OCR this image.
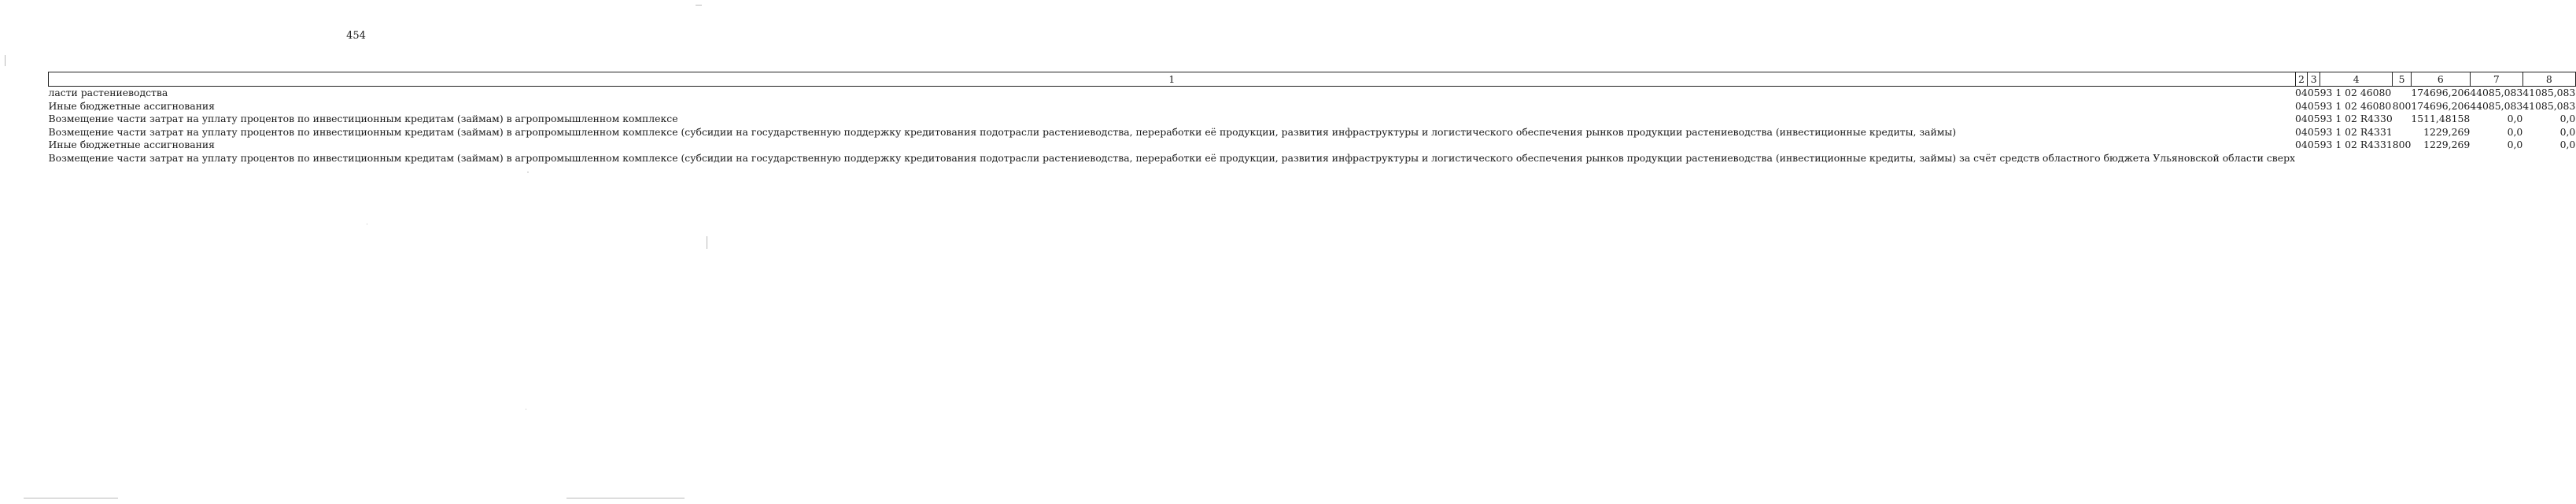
454
1	2	3	4	5	6	7	8
ласти растениеводства	04	05	93 1 02 46080		174696,206	44085,083	41085,083
Иные бюджетные ассигнования	04	05	93 1 02 46080	800	174696,206	44085,083	41085,083
Возмещение части затрат на уплату процентов по инвестиционным кредитам (займам) в агропромышленном комплексе	04	05	93 1 02 R4330		1511,48158	0,0	0,0
Возмещение части затрат на уплату процентов по инвестиционным кредитам (займам) в агропромышленном комплексе (субсидии на государственную поддержку кредитования подотрасли растениеводства, переработки её продукции, развития инфраструктуры и логистического обеспечения рынков продукции растениеводства (инвестиционные кредиты, займы)	04	05	93 1 02 R4331		1229,269	0,0	0,0
Иные бюджетные ассигнования	04	05	93 1 02 R4331	800	1229,269	0,0	0,0
Возмещение части затрат на уплату процентов по инвестиционным кредитам (займам) в агропромышленном комплексе (субсидии на государственную поддержку кредитования подотрасли растениеводства, переработки её продукции, развития инфраструктуры и логистического обеспечения рынков продукции растениеводства (инвестиционные кредиты, займы) за счёт средств областного бюджета Ульяновской области сверх							
